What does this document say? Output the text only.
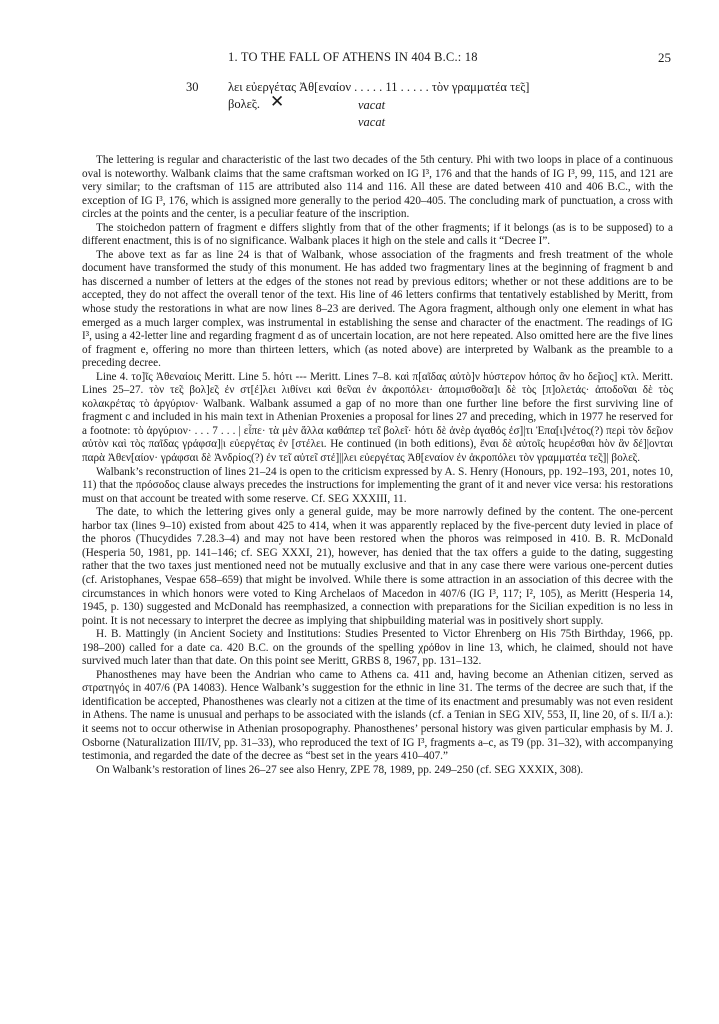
1. TO THE FALL OF ATHENS IN 404 B.C.: 18	25
30 λει εὐεργέτας Ἀθ[εναίον . . . . . 11 . . . . . τὸν γραμματέα τε̃ς]
βολε̃ς. ✕	vacat
vacat

The lettering is regular and characteristic of the last two decades of the 5th century. Phi with two loops in place of a continuous oval is noteworthy. Walbank claims that the same craftsman worked on IG I³, 176 and that the hands of IG I³, 99, 115, and 121 are very similar; to the craftsman of 115 are attributed also 114 and 116. All these are dated between 410 and 406 B.C., with the exception of IG I³, 176, which is assigned more generally to the period 420–405. The concluding mark of punctuation, a cross with circles at the points and the center, is a peculiar feature of the inscription.

The stoichedon pattern of fragment e differs slightly from that of the other fragments; if it belongs (as is to be supposed) to a different enactment, this is of no significance. Walbank places it high on the stele and calls it “Decree I”.

The above text as far as line 24 is that of Walbank, whose association of the fragments and fresh treatment of the whole document have transformed the study of this monument. He has added two fragmentary lines at the beginning of fragment b and has discerned a number of letters at the edges of the stones not read by previous editors; whether or not these additions are to be accepted, they do not affect the overall tenor of the text. His line of 46 letters confirms that tentatively established by Meritt, from whose study the restorations in what are now lines 8–23 are derived. The Agora fragment, although only one element in what has emerged as a much larger complex, was instrumental in establishing the sense and character of the enactment. The readings of IG I³, using a 42-letter line and regarding fragment d as of uncertain location, are not here repeated. Also omitted here are the five lines of fragment e, offering no more than thirteen letters, which (as noted above) are interpreted by Walbank as the preamble to a preceding decree.

Line 4. το]ῖς Ἀθεναίοις Meritt. Line 5. hότι --- Meritt. Lines 7–8. καὶ π[αῖδας αὐτὸ]ν hύστερον hόπος ἂν hο δε̃μος] κτλ. Meritt. Lines 25–27. τὸν τε̃ς βολ]ε̃ς ἐν στ[έ]λει λιθίνει καὶ θε̃ναι ἐν ἀκροπόλει· ἀπομισθο̃σα]ι δὲ τὸς [π]ολετάς· ἀποδο̃ναι δὲ τὸς κολακρέτας τὸ ἀργύριον· Walbank. Walbank assumed a gap of no more than one further line before the first surviving line of fragment c and included in his main text in Athenian Proxenies a proposal for lines 27 and preceding, which in 1977 he reserved for a footnote: τὸ ἀργύριον· . . . 7 . . . | εἶπε· τὰ μὲν ἄλλα καθάπερ τε̃ι βολε̃ι· hότι δὲ ἀνὲρ ἀγαθός ἐσ]|τι Ἐπα[ι]νέτος(?) περὶ τὸν δε̃μον αὐτὸν καὶ τὸς παῖδας γράφσα]|ι εὐεργέτας ἐν [στέλει. He continued (in both editions), ἔναι δὲ αὐτοῖς hευρέσθαι hὸν ἂν δέ]|ονται παρὰ Ἀθεν[αίον· γράφσαι δὲ Ἀνδρίος(?) ἐν τε̃ι αὐτε̃ι στέ]||λει εὐεργέτας Ἀθ[εναίον ἐν ἀκροπόλει τὸν γραμματέα τε̃ς]| βολε̃ς.

Walbank’s reconstruction of lines 21–24 is open to the criticism expressed by A. S. Henry (Honours, pp. 192–193, 201, notes 10, 11) that the πρόσοδος clause always precedes the instructions for implementing the grant of it and never vice versa: his restorations must on that account be treated with some reserve. Cf. SEG XXXIII, 11.

The date, to which the lettering gives only a general guide, may be more narrowly defined by the content. The one-percent harbor tax (lines 9–10) existed from about 425 to 414, when it was apparently replaced by the five-percent duty levied in place of the phoros (Thucydides 7.28.3–4) and may not have been restored when the phoros was reimposed in 410. B. R. McDonald (Hesperia 50, 1981, pp. 141–146; cf. SEG XXXI, 21), however, has denied that the tax offers a guide to the dating, suggesting rather that the two taxes just mentioned need not be mutually exclusive and that in any case there were various one-percent duties (cf. Aristophanes, Vespae 658–659) that might be involved. While there is some attraction in an association of this decree with the circumstances in which honors were voted to King Archelaos of Macedon in 407/6 (IG I³, 117; I², 105), as Meritt (Hesperia 14, 1945, p. 130) suggested and McDonald has reemphasized, a connection with preparations for the Sicilian expedition is no less in point. It is not necessary to interpret the decree as implying that shipbuilding material was in positively short supply.

H. B. Mattingly (in Ancient Society and Institutions: Studies Presented to Victor Ehrenberg on His 75th Birthday, 1966, pp. 198–200) called for a date ca. 420 B.C. on the grounds of the spelling χρόθον in line 13, which, he claimed, should not have survived much later than that date. On this point see Meritt, GRBS 8, 1967, pp. 131–132.

Phanosthenes may have been the Andrian who came to Athens ca. 411 and, having become an Athenian citizen, served as στρατηγός in 407/6 (PA 14083). Hence Walbank’s suggestion for the ethnic in line 31. The terms of the decree are such that, if the identification be accepted, Phanosthenes was clearly not a citizen at the time of its enactment and presumably was not even resident in Athens. The name is unusual and perhaps to be associated with the islands (cf. a Tenian in SEG XIV, 553, II, line 20, of s. II/I a.): it seems not to occur otherwise in Athenian prosopography. Phanosthenes’ personal history was given particular emphasis by M. J. Osborne (Naturalization III/IV, pp. 31–33), who reproduced the text of IG I³, fragments a–c, as T9 (pp. 31–32), with accompanying testimonia, and regarded the date of the decree as “best set in the years 410–407.”

On Walbank’s restoration of lines 26–27 see also Henry, ZPE 78, 1989, pp. 249–250 (cf. SEG XXXIX, 308).
